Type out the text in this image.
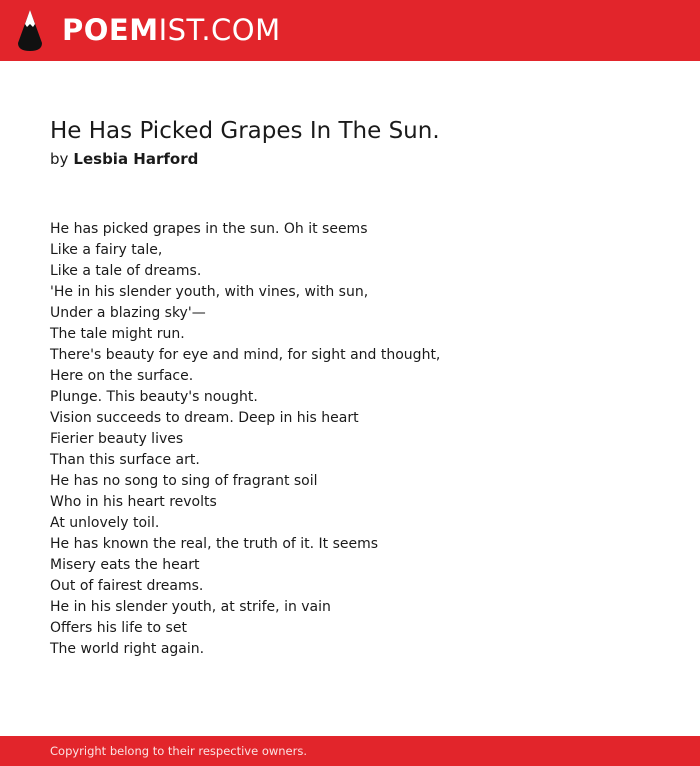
POEMIST.COM
He Has Picked Grapes In The Sun.
by Lesbia Harford
He has picked grapes in the sun. Oh it seems
Like a fairy tale,
Like a tale of dreams.
'He in his slender youth, with vines, with sun,
Under a blazing sky'—
The tale might run.
There's beauty for eye and mind, for sight and thought,
Here on the surface.
Plunge. This beauty's nought.
Vision succeeds to dream. Deep in his heart
Fierier beauty lives
Than this surface art.
He has no song to sing of fragrant soil
Who in his heart revolts
At unlovely toil.
He has known the real, the truth of it. It seems
Misery eats the heart
Out of fairest dreams.
He in his slender youth, at strife, in vain
Offers his life to set
The world right again.
Copyright belong to their respective owners.
